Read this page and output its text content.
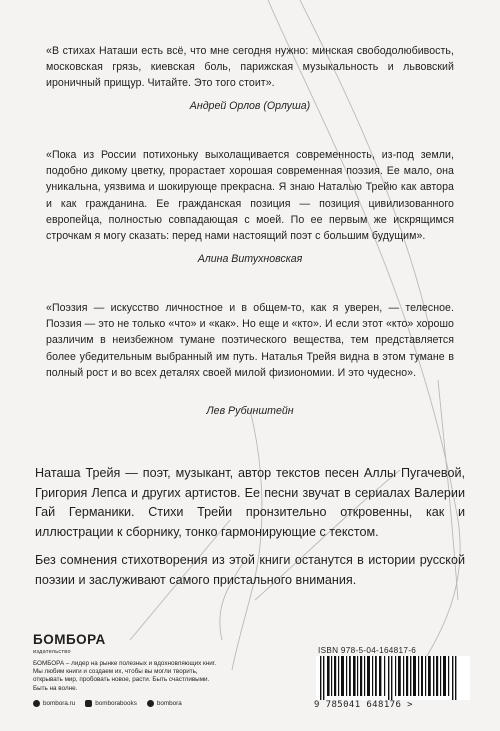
«В стихах Наташи есть всё, что мне сегодня нужно: минская свободолюбивость, московская грязь, киевская боль, парижская музыкальность и львовский ироничный прищур. Читайте. Это того стоит».
Андрей Орлов (Орлуша)
«Пока из России потихоньку выхолащивается современность, из-под земли, подобно дикому цветку, прорастает хорошая современная поэзия. Ее мало, она уникальна, уязвима и шокирующе прекрасна. Я знаю Наталью Трейю как автора и как гражданина. Ее гражданская позиция — позиция цивилизованного европейца, полностью совпадающая с моей. По ее первым же искрящимся строчкам я могу сказать: перед нами настоящий поэт с большим будущим».
Алина Витухновская
«Поэзия — искусство личностное и в общем-то, как я уверен, — телесное. Поэзия — это не только «что» и «как». Но еще и «кто». И если этот «кто» хорошо различим в неизбежном тумане поэтического вещества, тем представляется более убедительным выбранный им путь. Наталья Трейя видна в этом тумане в полный рост и во всех деталях своей милой физиономии. И это чудесно».
Лев Рубинштейн
Наташа Трейя — поэт, музыкант, автор текстов песен Аллы Пугачевой, Григория Лепса и других артистов. Ее песни звучат в сериалах Валерии Гай Германики. Стихи Трейи пронзительно откровенны, как и иллюстрации к сборнику, тонко гармонирующие с текстом.
Без сомнения стихотворения из этой книги останутся в истории русской поэзии и заслуживают самого пристального внимания.
БОМБОРА
издательство
БОМБОРА – лидер на рынке полезных и вдохновляющих книг. Мы любим книги и создаем их, чтобы вы могли творить, открывать мир, пробовать новое, расти. Быть счастливыми. Быть на волне.
bombora.ru	bomborabooks	bombora
ISBN 978-5-04-164817-6
9 785041 648176 >
